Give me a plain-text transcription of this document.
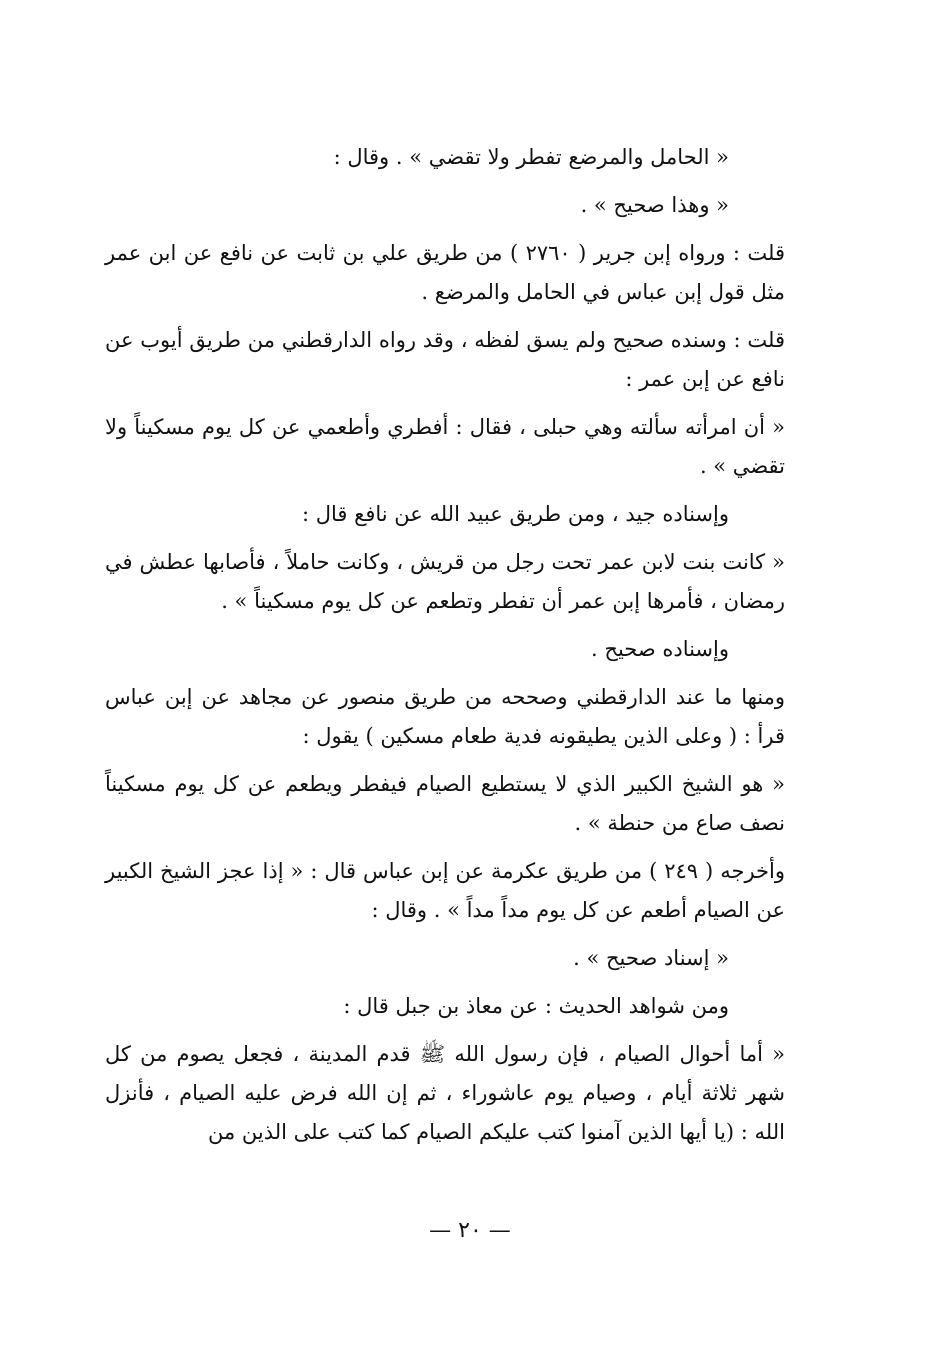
« الحامل والمرضع تفطر ولا تقضي » . وقال :

« وهذا صحيح » .

قلت : ورواه إبن جرير ( ٢٧٦٠ ) من طريق علي بن ثابت عن نافع عن ابن عمر مثل قول إبن عباس في الحامل والمرضع .

قلت : وسنده صحيح ولم يسق لفظه ، وقد رواه الدارقطني من طريق أيوب عن نافع عن إبن عمر :

« أن امرأته سألته وهي حبلى ، فقال : أفطري وأطعمي عن كل يوم مسكيناً ولا تقضي » .

وإسناده جيد ، ومن طريق عبيد الله عن نافع قال :

« كانت بنت لابن عمر تحت رجل من قريش ، وكانت حاملاً ، فأصابها عطش في رمضان ، فأمرها إبن عمر أن تفطر وتطعم عن كل يوم مسكيناً » .

وإسناده صحيح .

ومنها ما عند الدارقطني وصححه من طريق منصور عن مجاهد عن إبن عباس قرأ : ( وعلى الذين يطيقونه فدية طعام مسكين ) يقول :

« هو الشيخ الكبير الذي لا يستطيع الصيام فيفطر ويطعم عن كل يوم مسكيناً نصف صاع من حنطة » .

وأخرجه ( ٢٤٩ ) من طريق عكرمة عن إبن عباس قال : « إذا عجز الشيخ الكبير عن الصيام أطعم عن كل يوم مداً مداً » . وقال :

« إسناد صحيح » .

ومن شواهد الحديث : عن معاذ بن جبل قال :

« أما أحوال الصيام ، فإن رسول الله ﷺ قدم المدينة ، فجعل يصوم من كل شهر ثلاثة أيام ، وصيام يوم عاشوراء ، ثم إن الله فرض عليه الصيام ، فأنزل الله : (يا أيها الذين آمنوا كتب عليكم الصيام كما كتب على الذين من

— ٢٠ —
